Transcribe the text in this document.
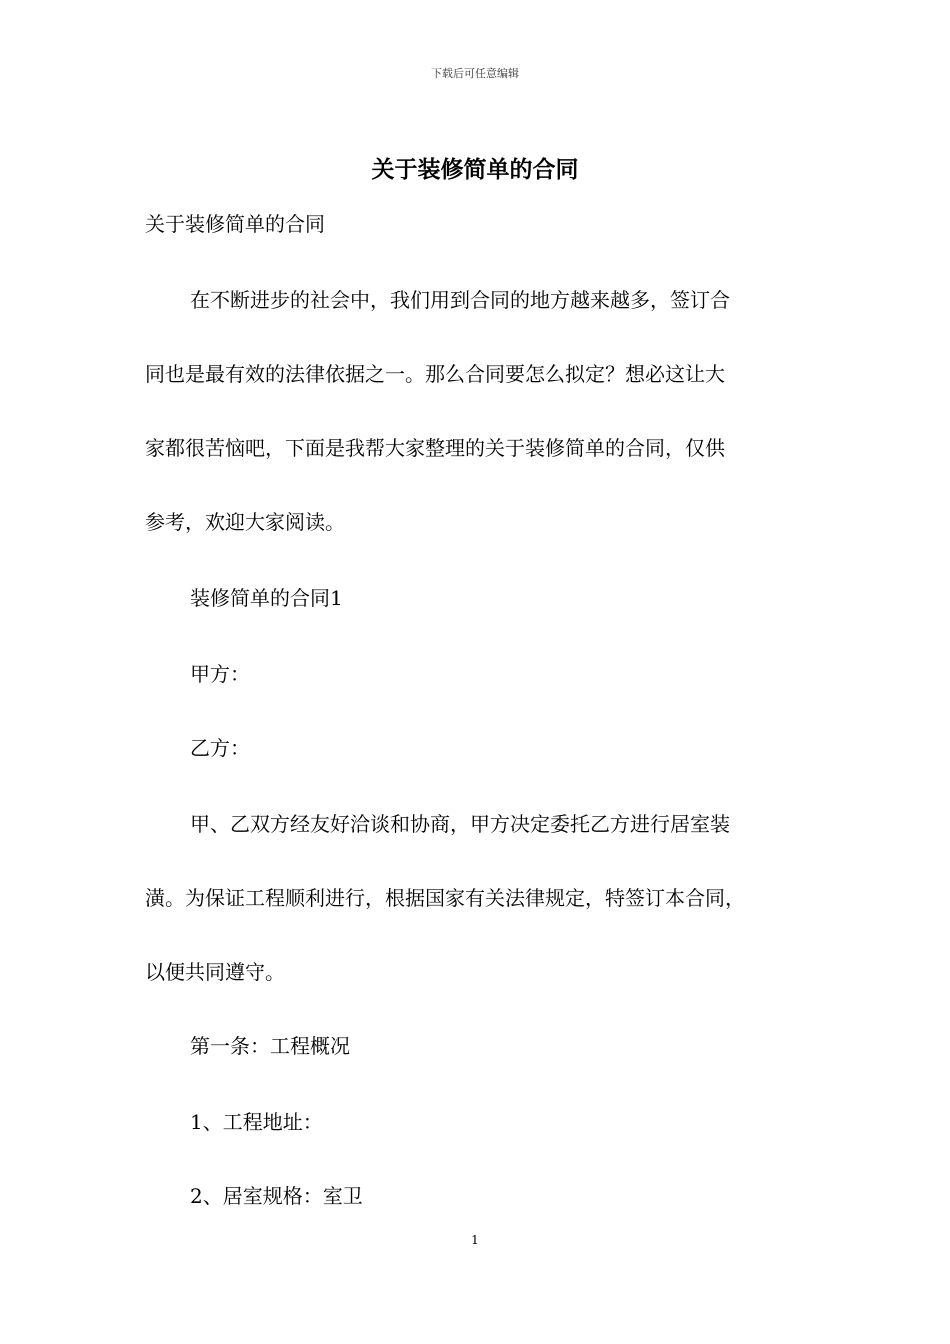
下载后可任意编辑
关于装修简单的合同

关于装修简单的合同

在不断进步的社会中，我们用到合同的地方越来越多，签订合

同也是最有效的法律依据之一。那么合同要怎么拟定？想必这让大

家都很苦恼吧，下面是我帮大家整理的关于装修简单的合同，仅供

参考，欢迎大家阅读。

装修简单的合同1

甲方：

乙方：

甲、乙双方经友好洽谈和协商，甲方决定委托乙方进行居室装

潢。为保证工程顺利进行，根据国家有关法律规定，特签订本合同，

以便共同遵守。

第一条：工程概况

1、工程地址：

2、居室规格：室卫

1
